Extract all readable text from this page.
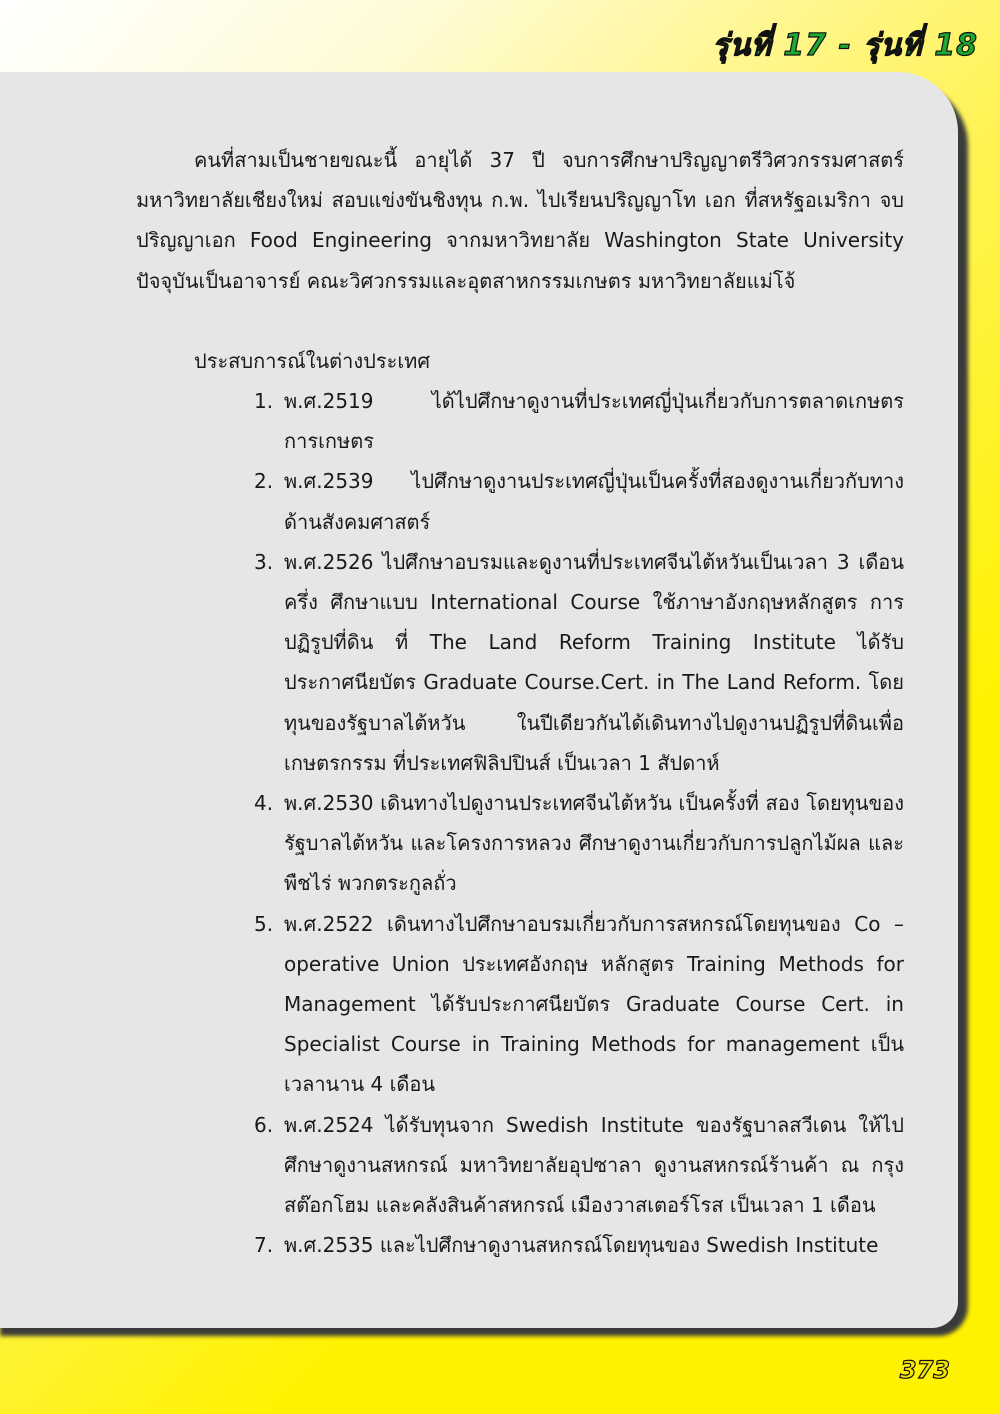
รุ่นที่ 17 - รุ่นที่ 18

คนที่สามเป็นชายขณะนี้ อายุได้ 37 ปี จบการศึกษาปริญญาตรีวิศวกรรมศาสตร์ มหาวิทยาลัยเชียงใหม่ สอบแข่งขันชิงทุน ก.พ. ไปเรียนปริญญาโท เอก ที่สหรัฐอเมริกา จบปริญญาเอก Food Engineering จากมหาวิทยาลัย Washington State University ปัจจุบันเป็นอาจารย์ คณะวิศวกรรมและอุตสาหกรรมเกษตร มหาวิทยาลัยแม่โจ้

ประสบการณ์ในต่างประเทศ
1. พ.ศ.2519 ได้ไปศึกษาดูงานที่ประเทศญี่ปุ่นเกี่ยวกับการตลาดเกษตร การเกษตร
2. พ.ศ.2539 ไปศึกษาดูงานประเทศญี่ปุ่นเป็นครั้งที่สองดูงานเกี่ยวกับทางด้านสังคมศาสตร์
3. พ.ศ.2526 ไปศึกษาอบรมและดูงานที่ประเทศจีนไต้หวันเป็นเวลา 3 เดือนครึ่ง ศึกษาแบบ International Course ใช้ภาษาอังกฤษหลักสูตร การปฏิรูปที่ดิน ที่ The Land Reform Training Institute ได้รับประกาศนียบัตร Graduate Course.Cert. in The Land Reform. โดยทุนของรัฐบาลไต้หวัน ในปีเดียวกันได้เดินทางไปดูงานปฏิรูปที่ดินเพื่อเกษตรกรรม ที่ประเทศฟิลิปปินส์ เป็นเวลา 1 สัปดาห์
4. พ.ศ.2530 เดินทางไปดูงานประเทศจีนไต้หวัน เป็นครั้งที่ สอง โดยทุนของรัฐบาลไต้หวัน และโครงการหลวง ศึกษาดูงานเกี่ยวกับการปลูกไม้ผล และพืชไร่ พวกตระกูลถั่ว
5. พ.ศ.2522 เดินทางไปศึกษาอบรมเกี่ยวกับการสหกรณ์โดยทุนของ Co – operative Union ประเทศอังกฤษ หลักสูตร Training Methods for Management ได้รับประกาศนียบัตร Graduate Course Cert. in Specialist Course in Training Methods for management เป็นเวลานาน 4 เดือน
6. พ.ศ.2524 ได้รับทุนจาก Swedish Institute ของรัฐบาลสวีเดน ให้ไปศึกษาดูงานสหกรณ์ มหาวิทยาลัยอุปซาลา ดูงานสหกรณ์ร้านค้า ณ กรุงสต๊อกโฮม และคลังสินค้าสหกรณ์ เมืองวาสเตอร์โรส เป็นเวลา 1 เดือน
7. พ.ศ.2535 และไปศึกษาดูงานสหกรณ์โดยทุนของ Swedish Institute
373
